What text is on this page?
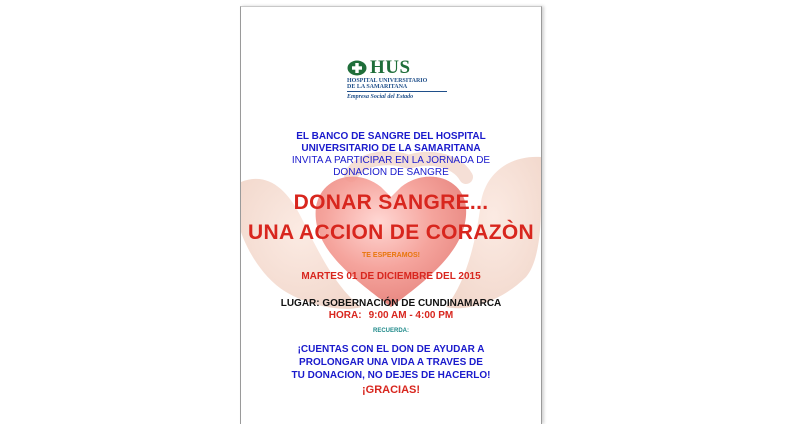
HUS
HOSPITAL UNIVERSITARIO
DE LA SAMARITANA
Empresa Social del Estado
EL BANCO DE SANGRE DEL HOSPITAL
UNIVERSITARIO DE LA SAMARITANA
INVITA A PARTICIPAR EN LA JORNADA DE
DONACION DE SANGRE
DONAR SANGRE...
UNA ACCION DE CORAZÒN
TE ESPERAMOS!
MARTES 01 DE DICIEMBRE DEL 2015
LUGAR: GOBERNACIÓN DE CUNDINAMARCA
HORA: 9:00 AM - 4:00 PM
RECUERDA:
¡CUENTAS CON EL DON DE AYUDAR A
PROLONGAR UNA VIDA A TRAVES DE
TU DONACION, NO DEJES DE HACERLO!
¡GRACIAS!
